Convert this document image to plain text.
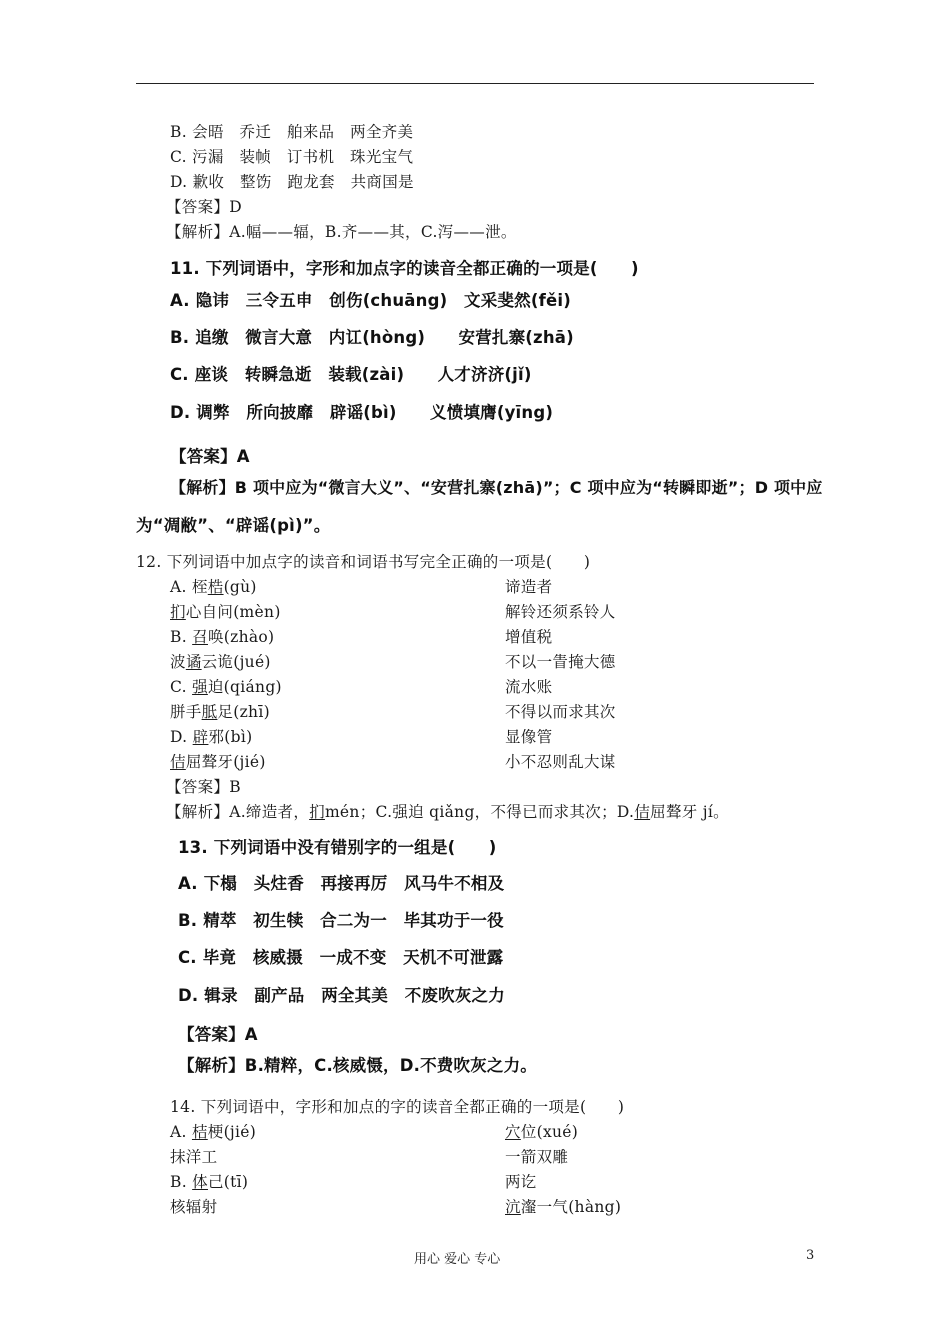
B. 会晤　乔迁　舶来品　两全齐美
C. 污漏　装帧　订书机　珠光宝气
D. 歉收　整饬　跑龙套　共商国是
【答案】D
【解析】A.幅——辐，B.齐——其，C.泻——泄。
11. 下列词语中，字形和加点字的读音全都正确的一项是(　　)
A. 隐讳　三令五申　创伤(chuāng)　文采斐然(fěi)
B. 追缴　微言大意　内讧(hòng)　　安营扎寨(zhā)
C. 座谈　转瞬急逝　装载(zài)　　人才济济(jǐ)
D. 调弊　所向披靡　辟谣(bì)　　义愤填膺(yīng)
【答案】A
【解析】B 项中应为“微言大义”、“安营扎寨(zhā)”；C 项中应为“转瞬即逝”；D 项中应
为“凋敝”、“辟谣(pì)”。
12. 下列词语中加点字的读音和词语书写完全正确的一项是(　　)
A. 桎梏(gù)	谛造者
扪心自问(mèn)	解铃还须系铃人
B. 召唤(zhào)	增值税
波谲云诡(jué)	不以一眚掩大德
C. 强迫(qiáng)	流水账
胼手胝足(zhī)	不得以而求其次
D. 辟邪(bì)	显像管
佶屈聱牙(jié)	小不忍则乱大谋
【答案】B
【解析】A.缔造者，扪mén；C.强迫 qiǎng，不得已而求其次；D.佶屈聱牙 jí。
13. 下列词语中没有错别字的一组是(　　)
A. 下榻　头炷香　再接再厉　风马牛不相及
B. 精萃　初生犊　合二为一　毕其功于一役
C. 毕竟　核威摄　一成不变　天机不可泄露
D. 辑录　副产品　两全其美　不废吹灰之力
【答案】A
【解析】B.精粹，C.核威慑，D.不费吹灰之力。
14. 下列词语中，字形和加点的字的读音全都正确的一项是(　　)
A. 桔梗(jié)	穴位(xué)
抹洋工	一箭双雕
B. 体己(tī)	两讫
核辐射	沆瀣一气(hàng)
用心 爱心 专心	3
